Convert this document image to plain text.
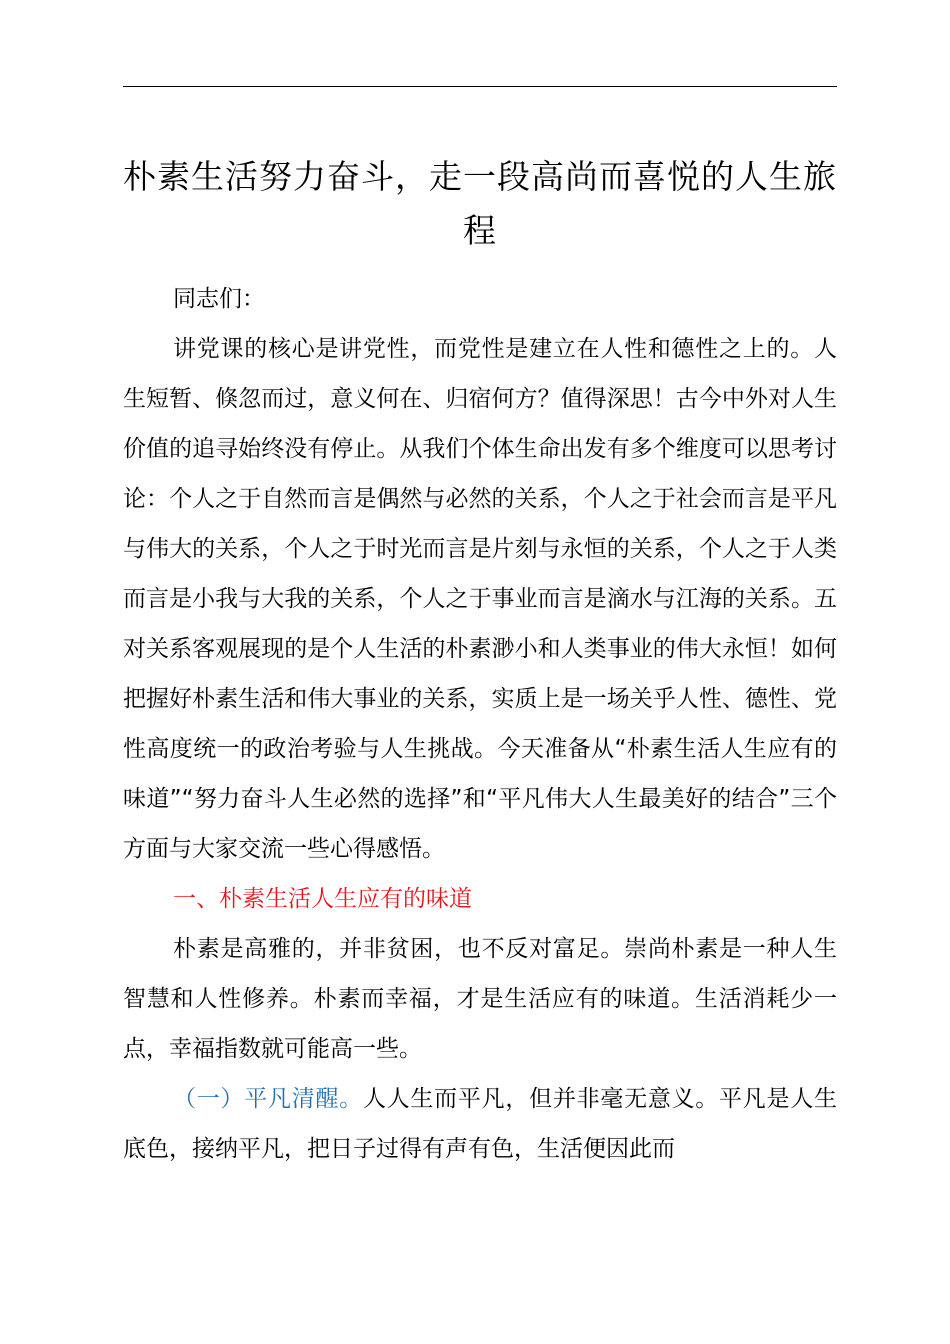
朴素生活努力奋斗，走一段高尚而喜悦的人生旅程

同志们：

讲党课的核心是讲党性，而党性是建立在人性和德性之上的。人生短暂、倏忽而过，意义何在、归宿何方？值得深思！古今中外对人生价值的追寻始终没有停止。从我们个体生命出发有多个维度可以思考讨论：个人之于自然而言是偶然与必然的关系，个人之于社会而言是平凡与伟大的关系，个人之于时光而言是片刻与永恒的关系，个人之于人类而言是小我与大我的关系，个人之于事业而言是滴水与江海的关系。五对关系客观展现的是个人生活的朴素渺小和人类事业的伟大永恒！如何把握好朴素生活和伟大事业的关系，实质上是一场关乎人性、德性、党性高度统一的政治考验与人生挑战。今天准备从“朴素生活人生应有的味道”“努力奋斗人生必然的选择”和“平凡伟大人生最美好的结合”三个方面与大家交流一些心得感悟。

一、朴素生活人生应有的味道

朴素是高雅的，并非贫困，也不反对富足。崇尚朴素是一种人生智慧和人性修养。朴素而幸福，才是生活应有的味道。生活消耗少一点，幸福指数就可能高一些。

（一）平凡清醒。人人生而平凡，但并非毫无意义。平凡是人生底色，接纳平凡，把日子过得有声有色，生活便因此而
